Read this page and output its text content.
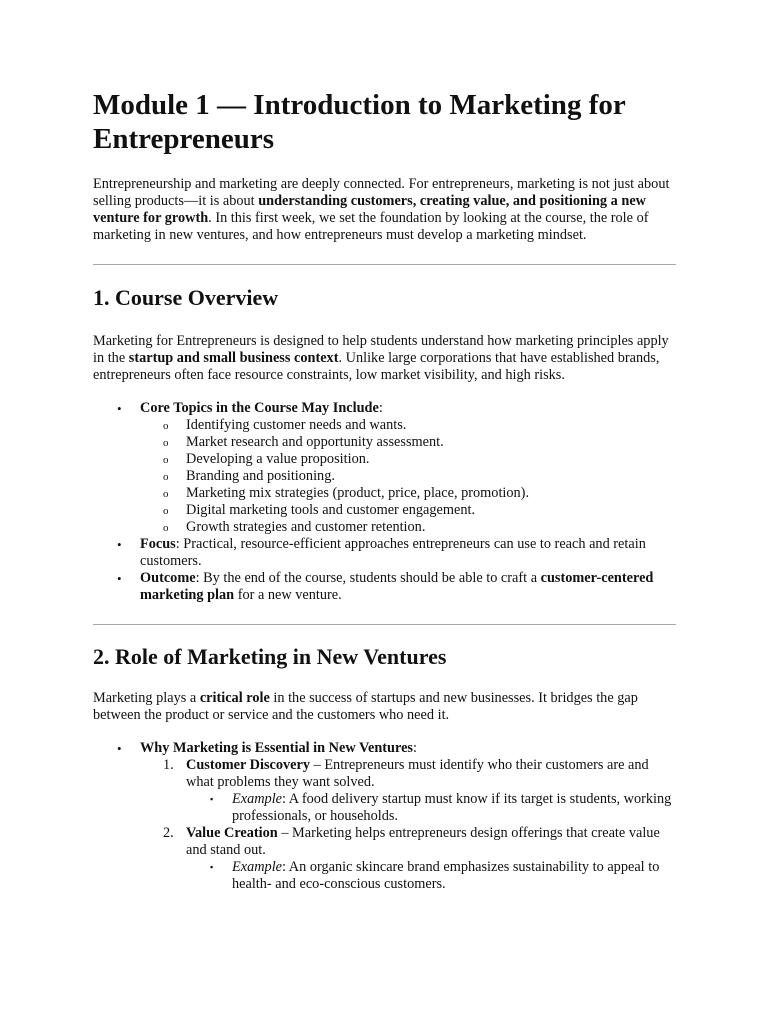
Module 1 — Introduction to Marketing for Entrepreneurs

Entrepreneurship and marketing are deeply connected. For entrepreneurs, marketing is not just about selling products—it is about understanding customers, creating value, and positioning a new venture for growth. In this first week, we set the foundation by looking at the course, the role of marketing in new ventures, and how entrepreneurs must develop a marketing mindset.

1. Course Overview

Marketing for Entrepreneurs is designed to help students understand how marketing principles apply in the startup and small business context. Unlike large corporations that have established brands, entrepreneurs often face resource constraints, low market visibility, and high risks.

• Core Topics in the Course May Include:
o Identifying customer needs and wants.
o Market research and opportunity assessment.
o Developing a value proposition.
o Branding and positioning.
o Marketing mix strategies (product, price, place, promotion).
o Digital marketing tools and customer engagement.
o Growth strategies and customer retention.
• Focus: Practical, resource-efficient approaches entrepreneurs can use to reach and retain customers.
• Outcome: By the end of the course, students should be able to craft a customer-centered marketing plan for a new venture.
2. Role of Marketing in New Ventures

Marketing plays a critical role in the success of startups and new businesses. It bridges the gap between the product or service and the customers who need it.

• Why Marketing is Essential in New Ventures:
1. Customer Discovery – Entrepreneurs must identify who their customers are and what problems they want solved.
▪ Example: A food delivery startup must know if its target is students, working professionals, or households.
2. Value Creation – Marketing helps entrepreneurs design offerings that create value and stand out.
▪ Example: An organic skincare brand emphasizes sustainability to appeal to health- and eco-conscious customers.
